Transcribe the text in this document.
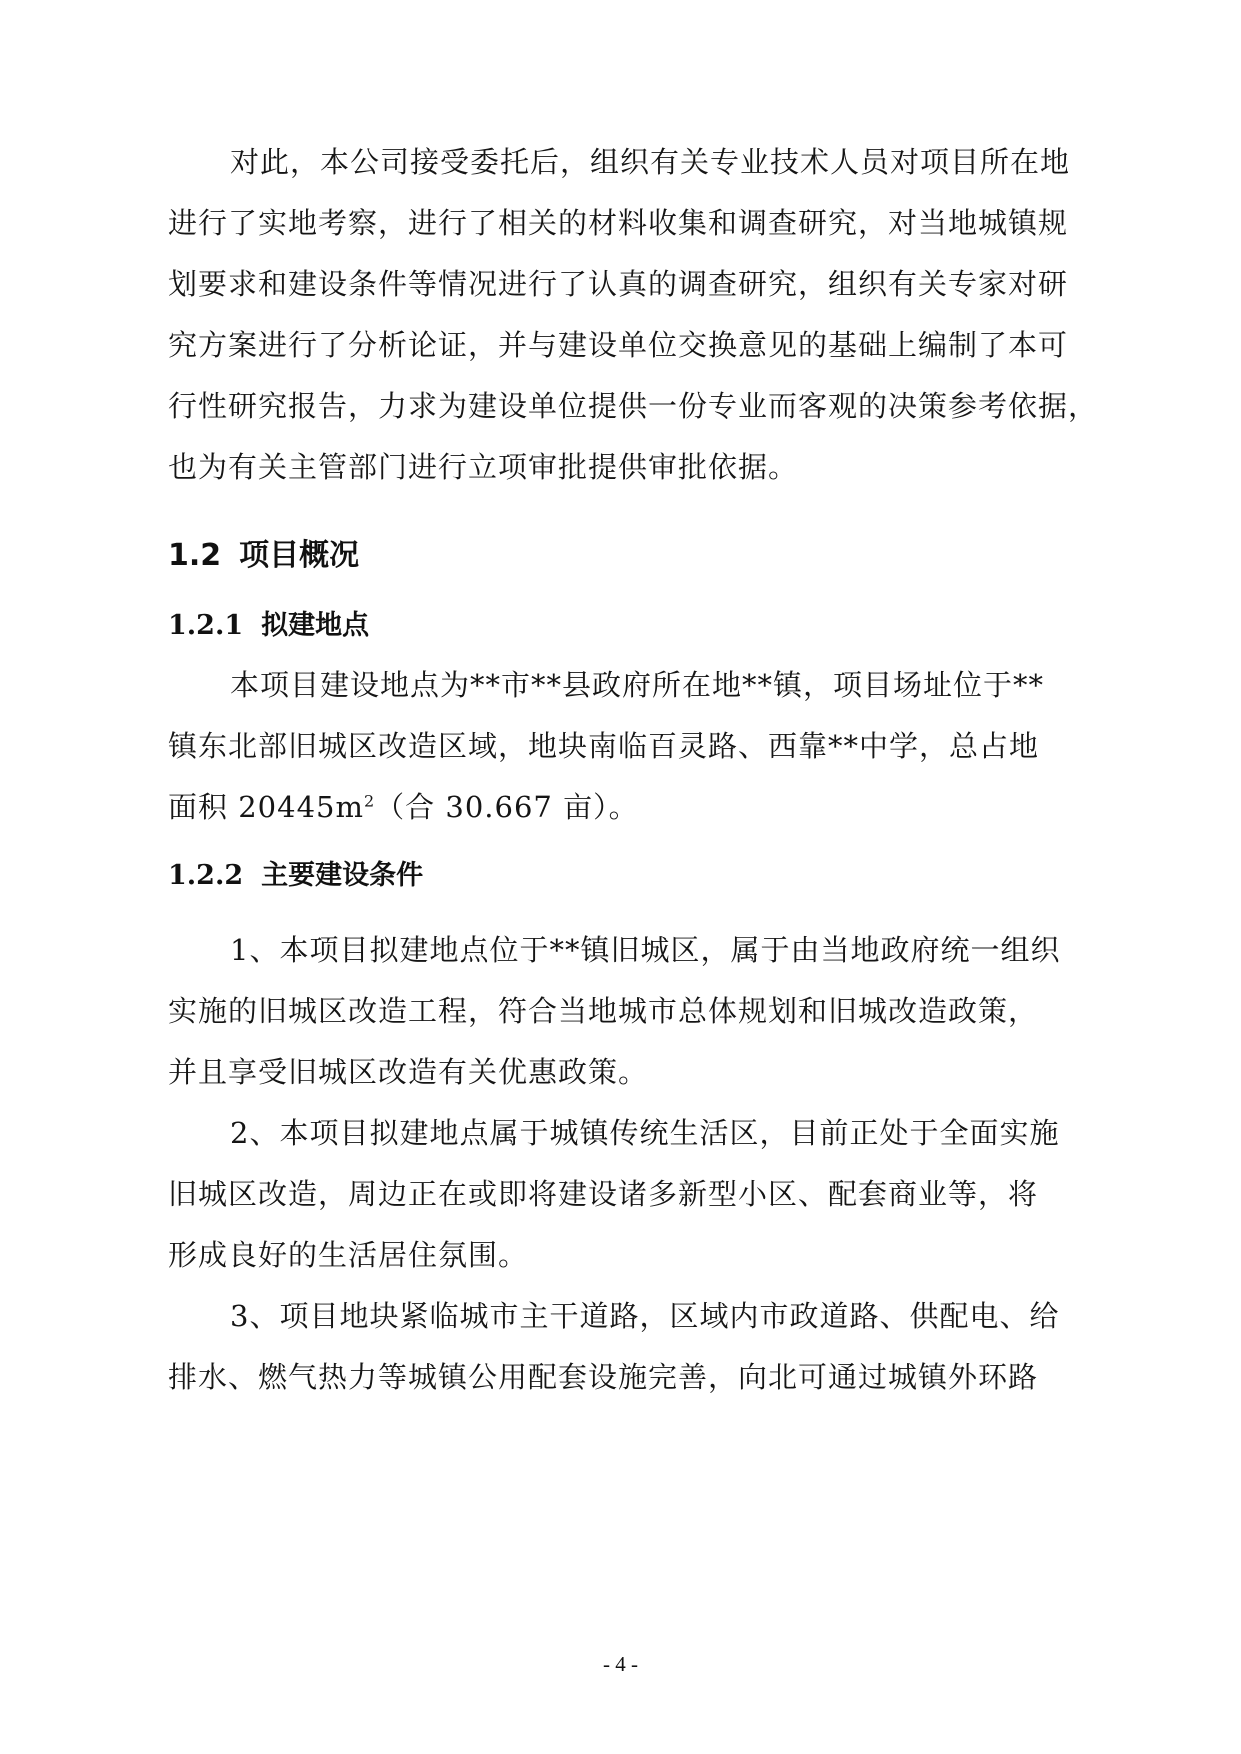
对此，本公司接受委托后，组织有关专业技术人员对项目所在地
进行了实地考察，进行了相关的材料收集和调查研究，对当地城镇规
划要求和建设条件等情况进行了认真的调查研究，组织有关专家对研
究方案进行了分析论证，并与建设单位交换意见的基础上编制了本可
行性研究报告，力求为建设单位提供一份专业而客观的决策参考依据，
也为有关主管部门进行立项审批提供审批依据。
1.2 项目概况
1.2.1 拟建地点
本项目建设地点为**市**县政府所在地**镇，项目场址位于**
镇东北部旧城区改造区域，地块南临百灵路、西靠**中学，总占地
面积 $20445m^2$（合 30.667 亩）。
1.2.2 主要建设条件
1、本项目拟建地点位于**镇旧城区，属于由当地政府统一组织
实施的旧城区改造工程，符合当地城市总体规划和旧城改造政策，
并且享受旧城区改造有关优惠政策。
2、本项目拟建地点属于城镇传统生活区，目前正处于全面实施
旧城区改造，周边正在或即将建设诸多新型小区、配套商业等，将
形成良好的生活居住氛围。
3、项目地块紧临城市主干道路，区域内市政道路、供配电、给
排水、燃气热力等城镇公用配套设施完善，向北可通过城镇外环路
- 4 -
